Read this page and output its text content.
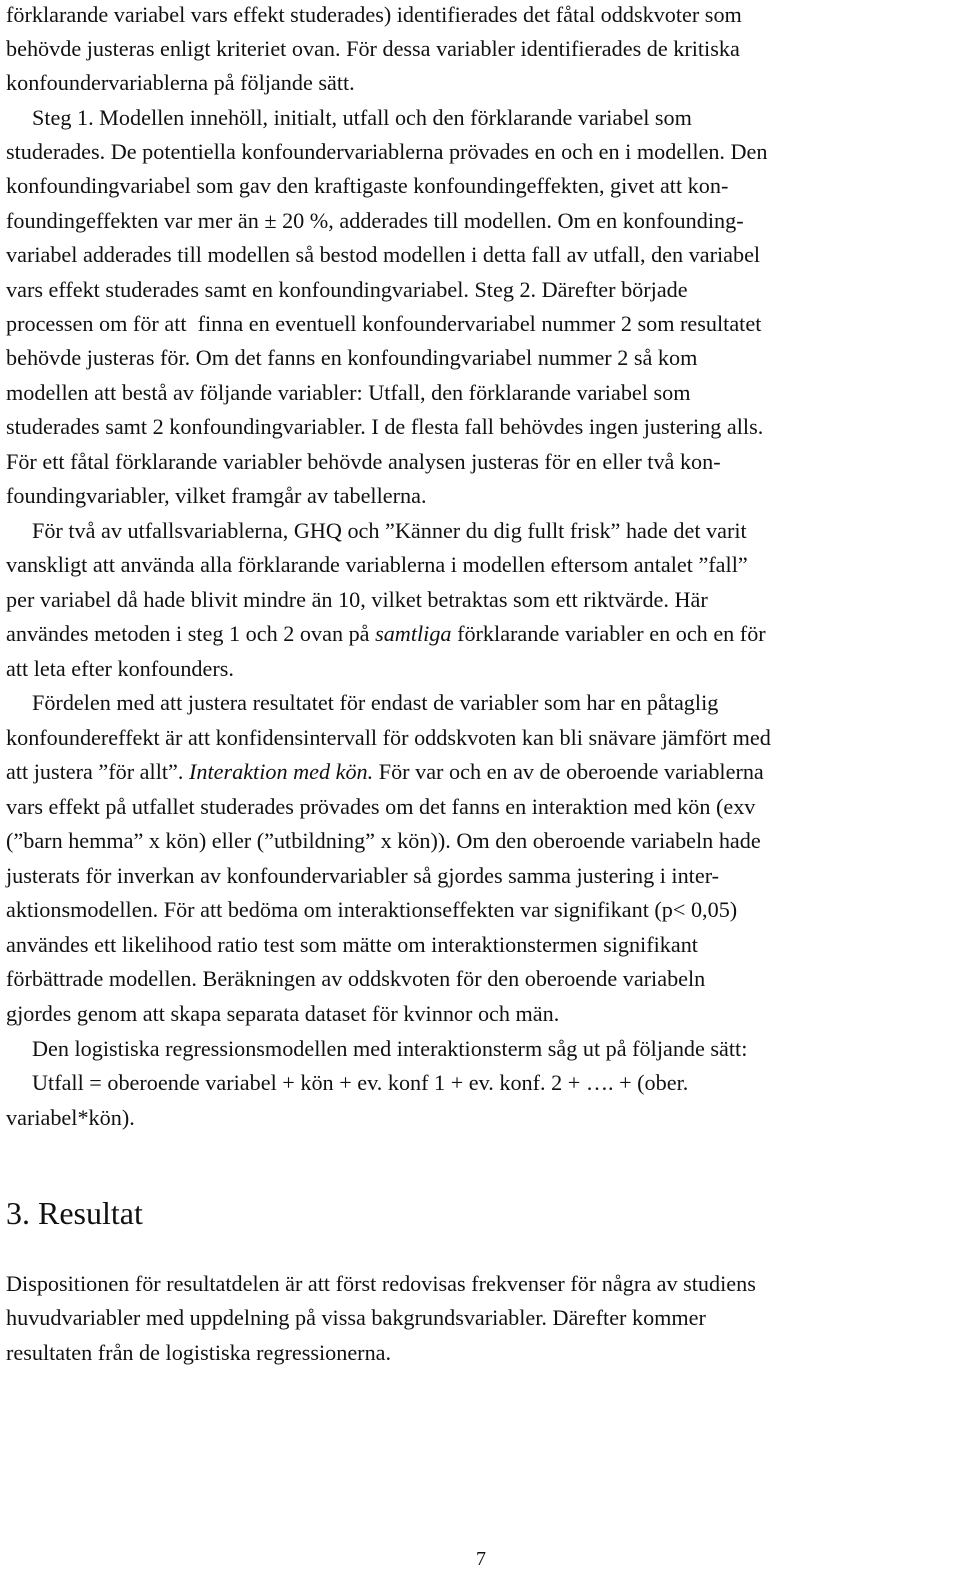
förklarande variabel vars effekt studerades) identifierades det fåtal oddskvoter som
behövde justeras enligt kriteriet ovan. För dessa variabler identifierades de kritiska
konfoundervariablerna på följande sätt.
Steg 1. Modellen innehöll, initialt, utfall och den förklarande variabel som
studerades. De potentiella konfoundervariablerna prövades en och en i modellen. Den
konfoundingvariabel som gav den kraftigaste konfoundingeffekten, givet att kon-
foundingeffekten var mer än ± 20 %, adderades till modellen. Om en konfounding-
variabel adderades till modellen så bestod modellen i detta fall av utfall, den variabel
vars effekt studerades samt en konfoundingvariabel. Steg 2. Därefter började
processen om för att  finna en eventuell konfoundervariabel nummer 2 som resultatet
behövde justeras för. Om det fanns en konfoundingvariabel nummer 2 så kom
modellen att bestå av följande variabler: Utfall, den förklarande variabel som
studerades samt 2 konfoundingvariabler. I de flesta fall behövdes ingen justering alls.
För ett fåtal förklarande variabler behövde analysen justeras för en eller två kon-
foundingvariabler, vilket framgår av tabellerna.
För två av utfallsvariablerna, GHQ och ”Känner du dig fullt frisk” hade det varit
vanskligt att använda alla förklarande variablerna i modellen eftersom antalet ”fall”
per variabel då hade blivit mindre än 10, vilket betraktas som ett riktvärde. Här
användes metoden i steg 1 och 2 ovan på samtliga förklarande variabler en och en för
att leta efter konfounders.
Fördelen med att justera resultatet för endast de variabler som har en påtaglig
konfoundereffekt är att konfidensintervall för oddskvoten kan bli snävare jämfört med
att justera ”för allt”. Interaktion med kön. För var och en av de oberoende variablerna
vars effekt på utfallet studerades prövades om det fanns en interaktion med kön (exv
(”barn hemma” x kön) eller (”utbildning” x kön)). Om den oberoende variabeln hade
justerats för inverkan av konfoundervariabler så gjordes samma justering i inter-
aktionsmodellen. För att bedöma om interaktionseffekten var signifikant (p< 0,05)
användes ett likelihood ratio test som mätte om interaktionstermen signifikant
förbättrade modellen. Beräkningen av oddskvoten för den oberoende variabeln
gjordes genom att skapa separata dataset för kvinnor och män.
Den logistiska regressionsmodellen med interaktionsterm såg ut på följande sätt:
Utfall = oberoende variabel + kön + ev. konf 1 + ev. konf. 2 + …. + (ober.
variabel*kön).
3. Resultat
Dispositionen för resultatdelen är att först redovisas frekvenser för några av studiens
huvudvariabler med uppdelning på vissa bakgrundsvariabler. Därefter kommer
resultaten från de logistiska regressionerna.
7
